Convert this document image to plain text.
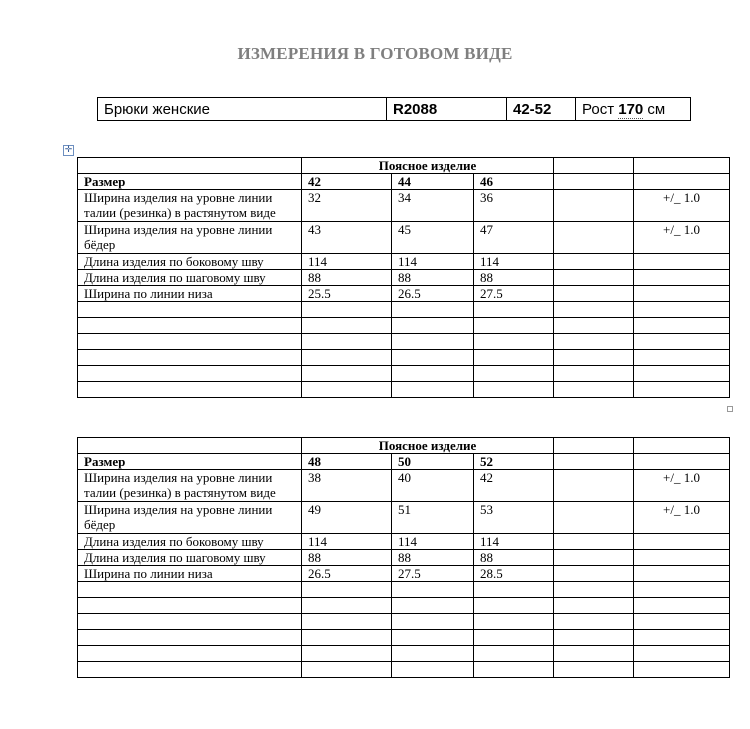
ИЗМЕРЕНИЯ В ГОТОВОМ ВИДЕ
Брюки женские	R2088	42-52	Рост 170 см
✛
	Поясное изделие				
Размер	42	44	46		
Ширина изделия на уровне линии талии (резинка) в растянутом виде	32	34	36		+/_ 1.0
Ширина изделия на уровне линии бёдер	43	45	47		+/_ 1.0
Длина изделия по боковому шву	114	114	114		
Длина изделия по шаговому шву	88	88	88		
Ширина по линии низа	25.5	26.5	27.5		

	Поясное изделие				
Размер	48	50	52		
Ширина изделия на уровне линии талии (резинка) в растянутом виде	38	40	42		+/_ 1.0
Ширина изделия на уровне линии бёдер	49	51	53		+/_ 1.0
Длина изделия по боковому шву	114	114	114		
Длина изделия по шаговому шву	88	88	88		
Ширина по линии низа	26.5	27.5	28.5		
